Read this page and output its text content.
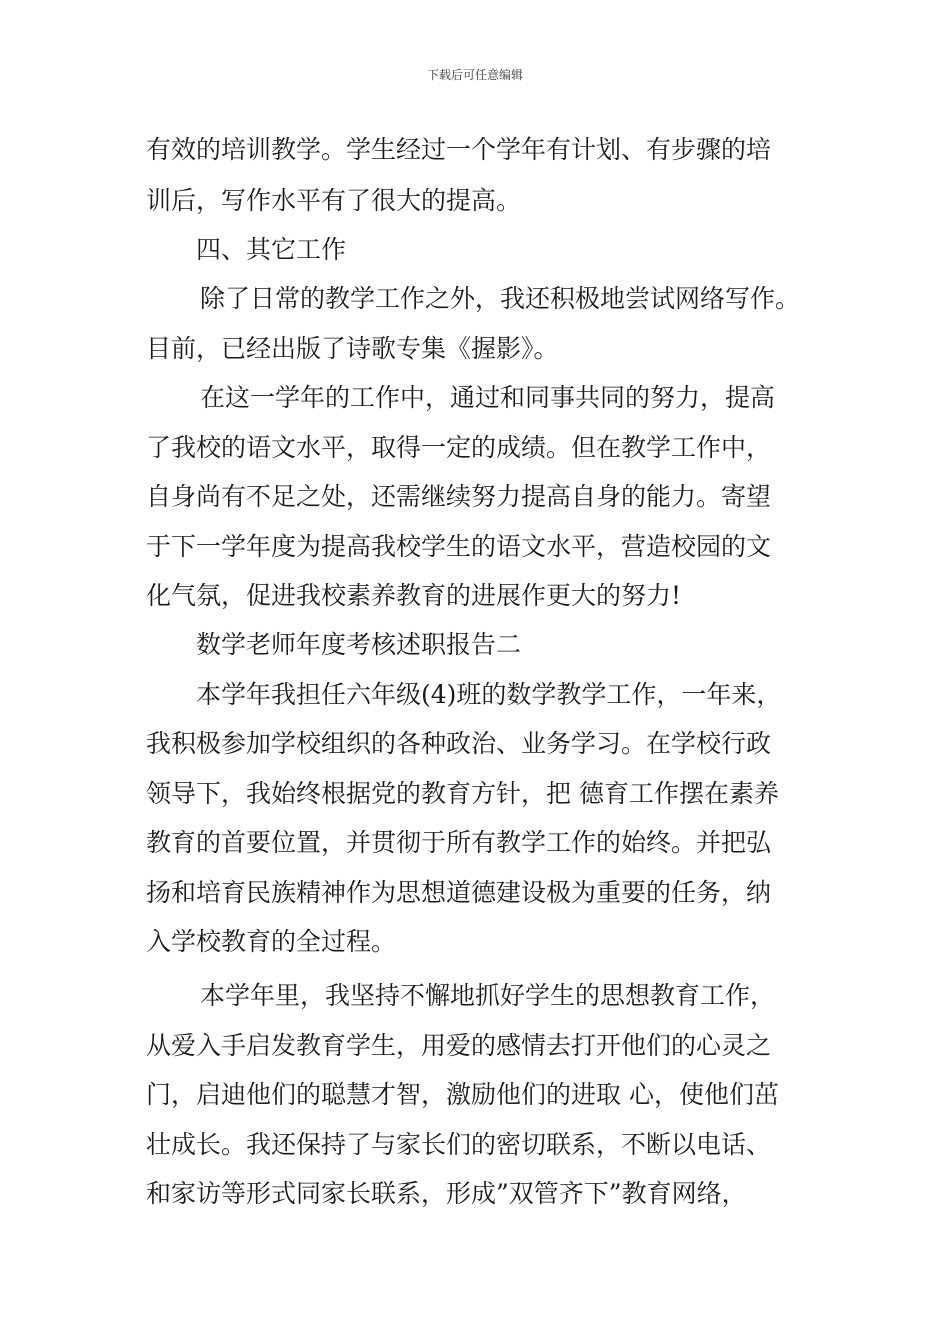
下载后可任意编辑
有效的培训教学。学生经过一个学年有计划、有步骤的培
训后，写作水平有了很大的提高。
四、其它工作
除了日常的教学工作之外，我还积极地尝试网络写作。
目前，已经出版了诗歌专集《握影》。
在这一学年的工作中，通过和同事共同的努力，提高
了我校的语文水平，取得一定的成绩。但在教学工作中，
自身尚有不足之处，还需继续努力提高自身的能力。寄望
于下一学年度为提高我校学生的语文水平，营造校园的文
化气氛，促进我校素养教育的进展作更大的努力!
数学老师年度考核述职报告二
本学年我担任六年级(4)班的数学教学工作，一年来，
我积极参加学校组织的各种政治、业务学习。在学校行政
领导下，我始终根据党的教育方针，把 德育工作摆在素养
教育的首要位置，并贯彻于所有教学工作的始终。并把弘
扬和培育民族精神作为思想道德建设极为重要的任务，纳
入学校教育的全过程。
本学年里，我坚持不懈地抓好学生的思想教育工作，
从爱入手启发教育学生，用爱的感情去打开他们的心灵之
门，启迪他们的聪慧才智，激励他们的进取 心，使他们茁
壮成长。我还保持了与家长们的密切联系，不断以电话、
和家访等形式同家长联系，形成”双管齐下”教育网络，
